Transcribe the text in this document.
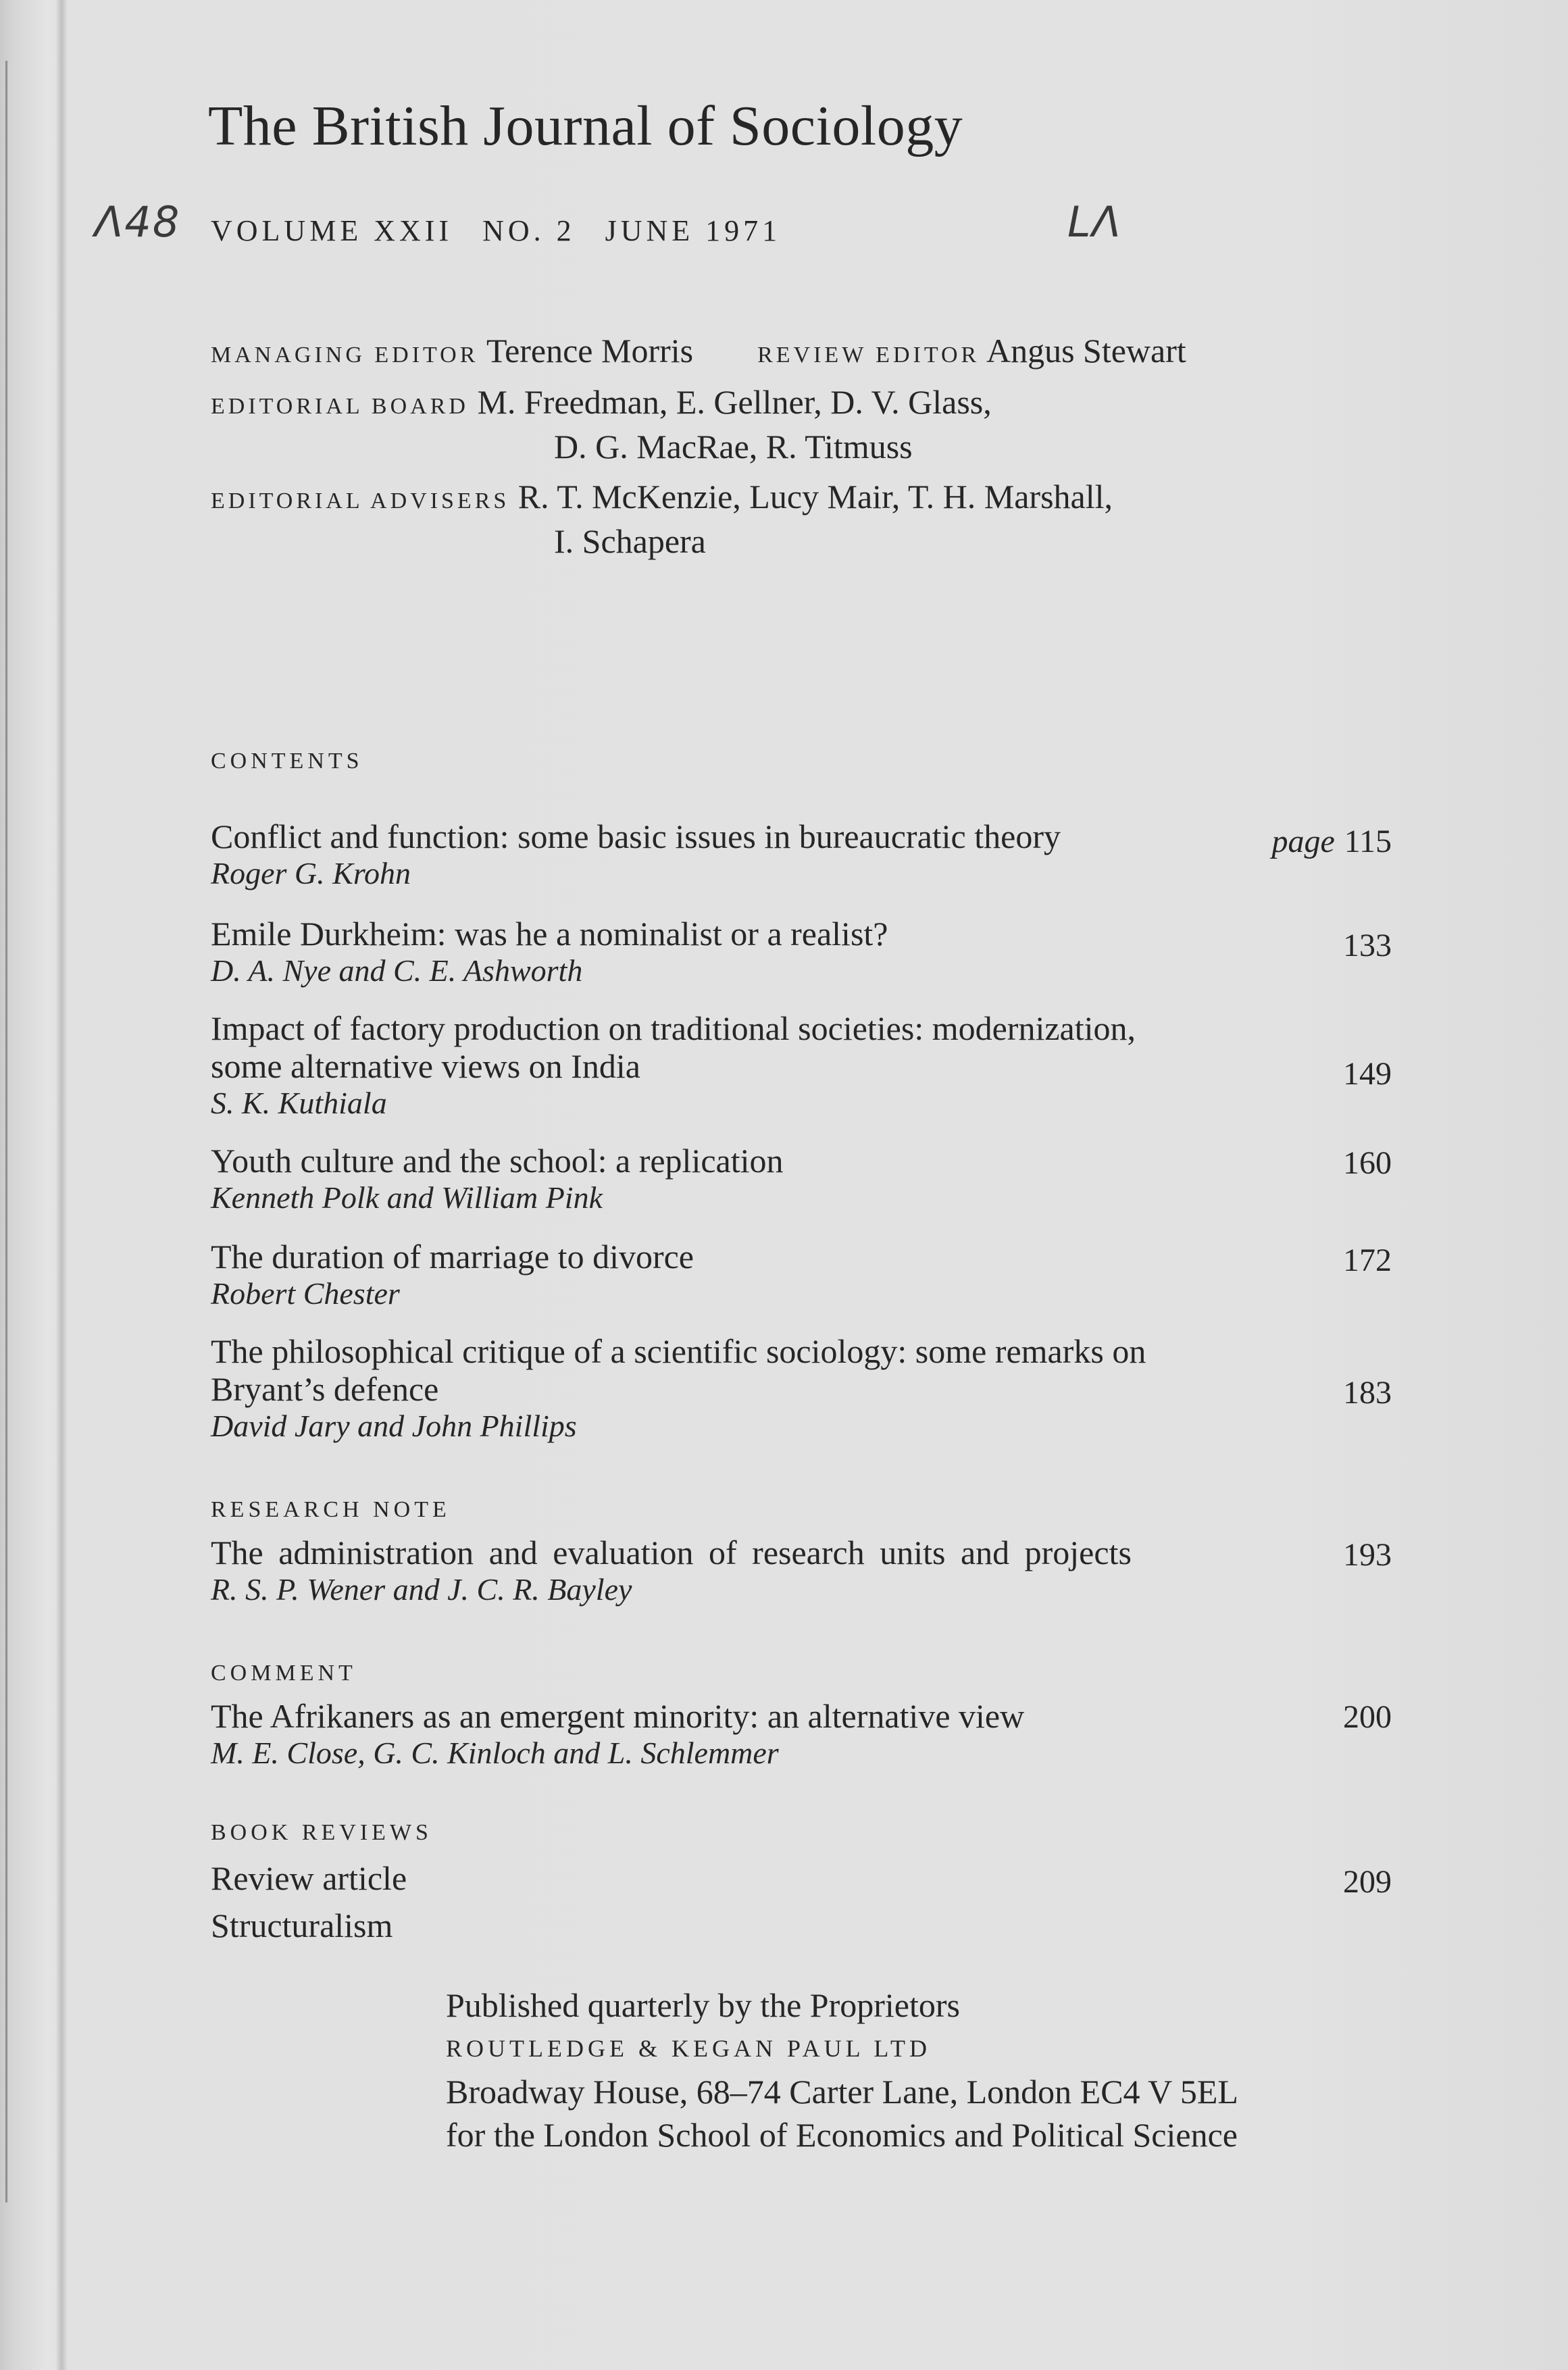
Λ48	LΛ
The British Journal of Sociology
VOLUME XXII NO. 2 JUNE 1971
MANAGING EDITOR Terence Morris	REVIEW EDITOR Angus Stewart
EDITORIAL BOARD M. Freedman, E. Gellner, D. V. Glass,
D. G. MacRae, R. Titmuss
EDITORIAL ADVISERS R. T. McKenzie, Lucy Mair, T. H. Marshall,
I. Schapera
CONTENTS
Conflict and function: some basic issues in bureaucratic theory
Roger G. Krohn
page 115
Emile Durkheim: was he a nominalist or a realist?
D. A. Nye and C. E. Ashworth
133
Impact of factory production on traditional societies: modernization,
some alternative views on India
S. K. Kuthiala
149
Youth culture and the school: a replication
Kenneth Polk and William Pink
160
The duration of marriage to divorce
Robert Chester
172
The philosophical critique of a scientific sociology: some remarks on
Bryant’s defence
David Jary and John Phillips
183
RESEARCH NOTE
The administration and evaluation of research units and projects
R. S. P. Wener and J. C. R. Bayley
193
COMMENT
The Afrikaners as an emergent minority: an alternative view
M. E. Close, G. C. Kinloch and L. Schlemmer
200
BOOK REVIEWS
Review article
Structuralism
209
Published quarterly by the Proprietors
ROUTLEDGE & KEGAN PAUL LTD
Broadway House, 68–74 Carter Lane, London EC4 V 5EL
for the London School of Economics and Political Science
